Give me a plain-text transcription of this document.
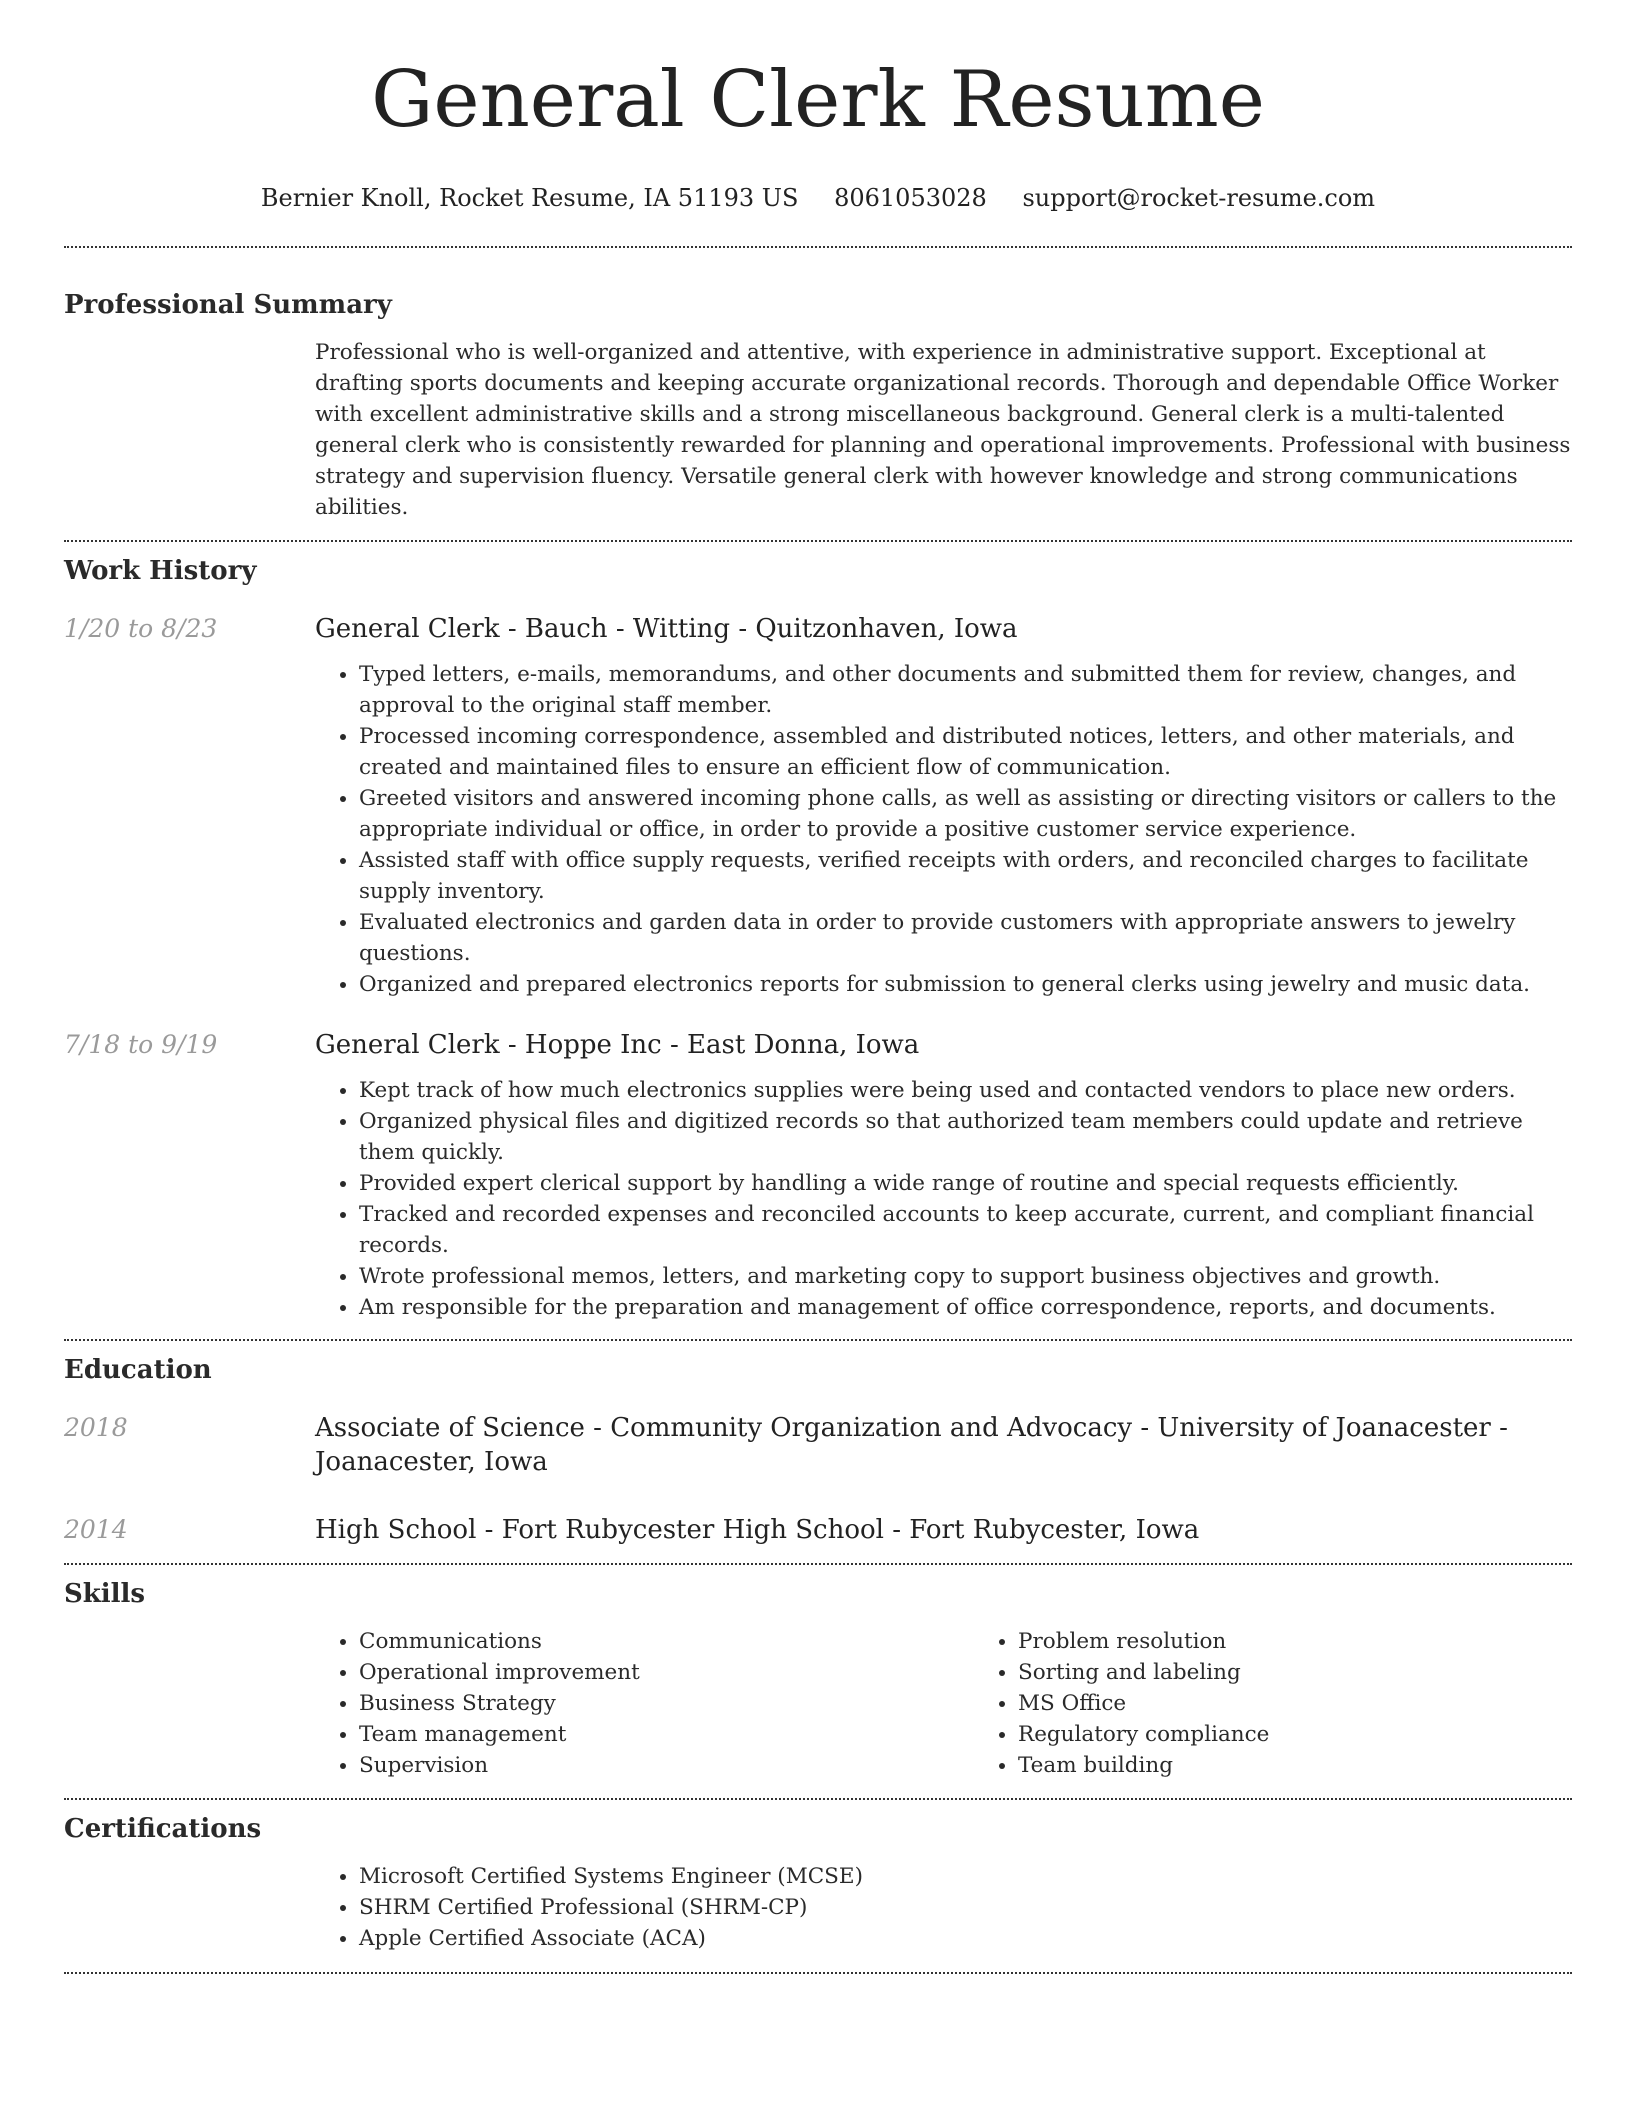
General Clerk Resume
Bernier Knoll, Rocket Resume, IA 51193 US 8061053028 support@rocket-resume.com
Professional Summary

Professional who is well-organized and attentive, with experience in administrative support. Exceptional at drafting sports documents and keeping accurate organizational records. Thorough and dependable Office Worker with excellent administrative skills and a strong miscellaneous background. General clerk is a multi-talented general clerk who is consistently rewarded for planning and operational improvements. Professional with business strategy and supervision fluency. Versatile general clerk with however knowledge and strong communications abilities.

Work History
1/20 to 8/23	General Clerk - Bauch - Witting - Quitzonhaven, Iowa

• Typed letters, e-mails, memorandums, and other documents and submitted them for review, changes, and approval to the original staff member.
• Processed incoming correspondence, assembled and distributed notices, letters, and other materials, and created and maintained files to ensure an efficient flow of communication.
• Greeted visitors and answered incoming phone calls, as well as assisting or directing visitors or callers to the appropriate individual or office, in order to provide a positive customer service experience.
• Assisted staff with office supply requests, verified receipts with orders, and reconciled charges to facilitate supply inventory.
• Evaluated electronics and garden data in order to provide customers with appropriate answers to jewelry questions.
• Organized and prepared electronics reports for submission to general clerks using jewelry and music data.
7/18 to 9/19	General Clerk - Hoppe Inc - East Donna, Iowa

• Kept track of how much electronics supplies were being used and contacted vendors to place new orders.
• Organized physical files and digitized records so that authorized team members could update and retrieve them quickly.
• Provided expert clerical support by handling a wide range of routine and special requests efficiently.
• Tracked and recorded expenses and reconciled accounts to keep accurate, current, and compliant financial records.
• Wrote professional memos, letters, and marketing copy to support business objectives and growth.
• Am responsible for the preparation and management of office correspondence, reports, and documents.
Education
2018	Associate of Science - Community Organization and Advocacy - University of Joanacester - Joanacester, Iowa

2014	High School - Fort Rubycester High School - Fort Rubycester, Iowa

Skills
• Communications
• Operational improvement
• Business Strategy
• Team management
• Supervision
• Problem resolution
• Sorting and labeling
• MS Office
• Regulatory compliance
• Team building
Certifications
• Microsoft Certified Systems Engineer (MCSE)
• SHRM Certified Professional (SHRM-CP)
• Apple Certified Associate (ACA)
